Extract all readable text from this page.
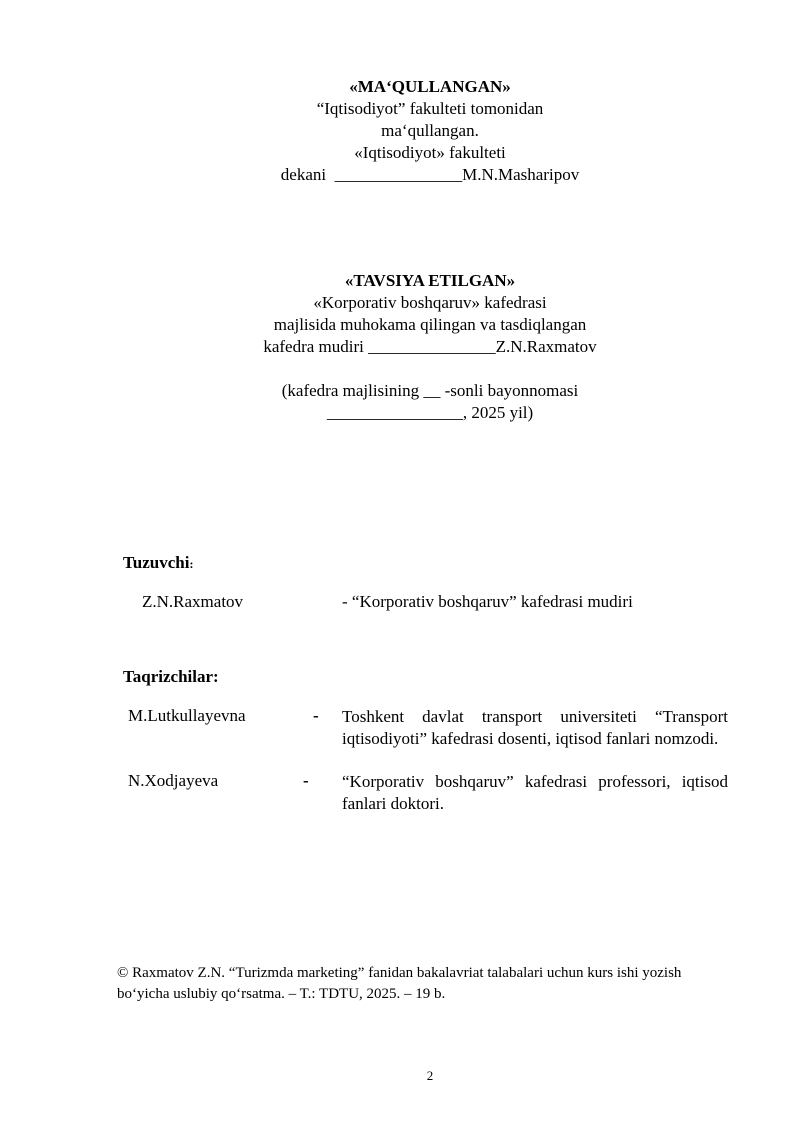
«MA‘QULLANGAN»
“Iqtisodiyot” fakulteti tomonidan
ma‘qullangan.
«Iqtisodiyot» fakulteti
dekani  _______________M.N.Masharipov
«TAVSIYA ETILGAN»
«Korporativ boshqaruv» kafedrasi
majlisida muhokama qilingan va tasdiqlangan
kafedra mudiri _______________Z.N.Raxmatov
(kafedra majlisining __ -sonli bayonnomasi
________________, 2025 yil)
Tuzuvchi:
Z.N.Raxmatov	- “Korporativ boshqaruv” kafedrasi mudiri
Taqrizchilar:
M.Lutkullayevna	- Toshkent davlat transport universiteti “Transport iqtisodiyoti” kafedrasi dosenti, iqtisod fanlari nomzodi.
N.Xodjayeva	- “Korporativ boshqaruv” kafedrasi professori, iqtisod fanlari doktori.
© Raxmatov Z.N. “Turizmda marketing” fanidan bakalavriat talabalari uchun kurs ishi yozish bo‘yicha uslubiy qo‘rsatma. – T.: TDTU, 2025. – 19 b.
2
